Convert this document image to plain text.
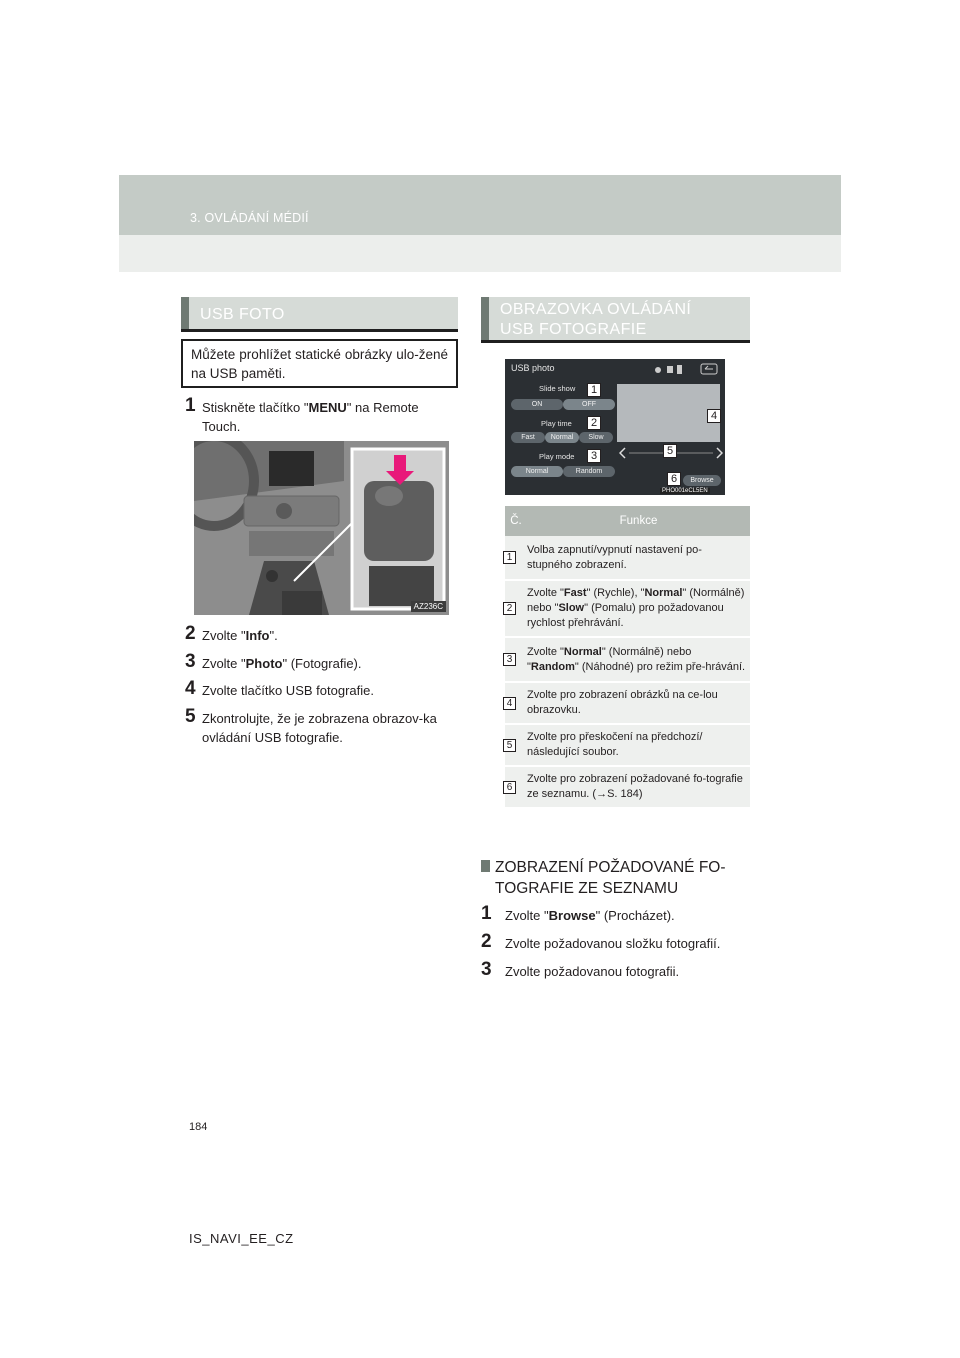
3. OVLÁDÁNÍ MÉDIÍ
USB FOTO
Můžete prohlížet statické obrázky ulo-žené na USB paměti.
1 Stiskněte tlačítko "MENU" na Remote Touch.
AZ236C
2 Zvolte "Info".
3 Zvolte "Photo" (Fotografie).
4 Zvolte tlačítko USB fotografie.
5 Zkontrolujte, že je zobrazena obrazov-ka ovládání USB fotografie.
OBRAZOVKA OVLÁDÁNÍ
USB FOTOGRAFIE
USB photo
Slide show
ON	OFF
Play time
Fast	Normal	Slow
Play mode
Normal	Random
Browse
PHO001eCL5EN
1
2
3
4
5
6
Č.	Funkce

1	Volba zapnutí/vypnutí nastavení po-stupného zobrazení.

2	Zvolte "Fast" (Rychle), "Normal" (Normálně) nebo "Slow" (Pomalu) pro požadovanou rychlost přehrávání.

3	Zvolte "Normal" (Normálně) nebo "Random" (Náhodné) pro režim pře-hrávání.

4	Zvolte pro zobrazení obrázků na ce-lou obrazovku.

5	Zvolte pro přeskočení na předchozí/ následující soubor.

6	Zvolte pro zobrazení požadované fo-tografie ze seznamu. (→S. 184)
ZOBRAZENÍ POŽADOVANÉ FO-TOGRAFIE ZE SEZNAMU
1 Zvolte "Browse" (Procházet).
2 Zvolte požadovanou složku fotografií.
3 Zvolte požadovanou fotografii.
184
IS_NAVI_EE_CZ
